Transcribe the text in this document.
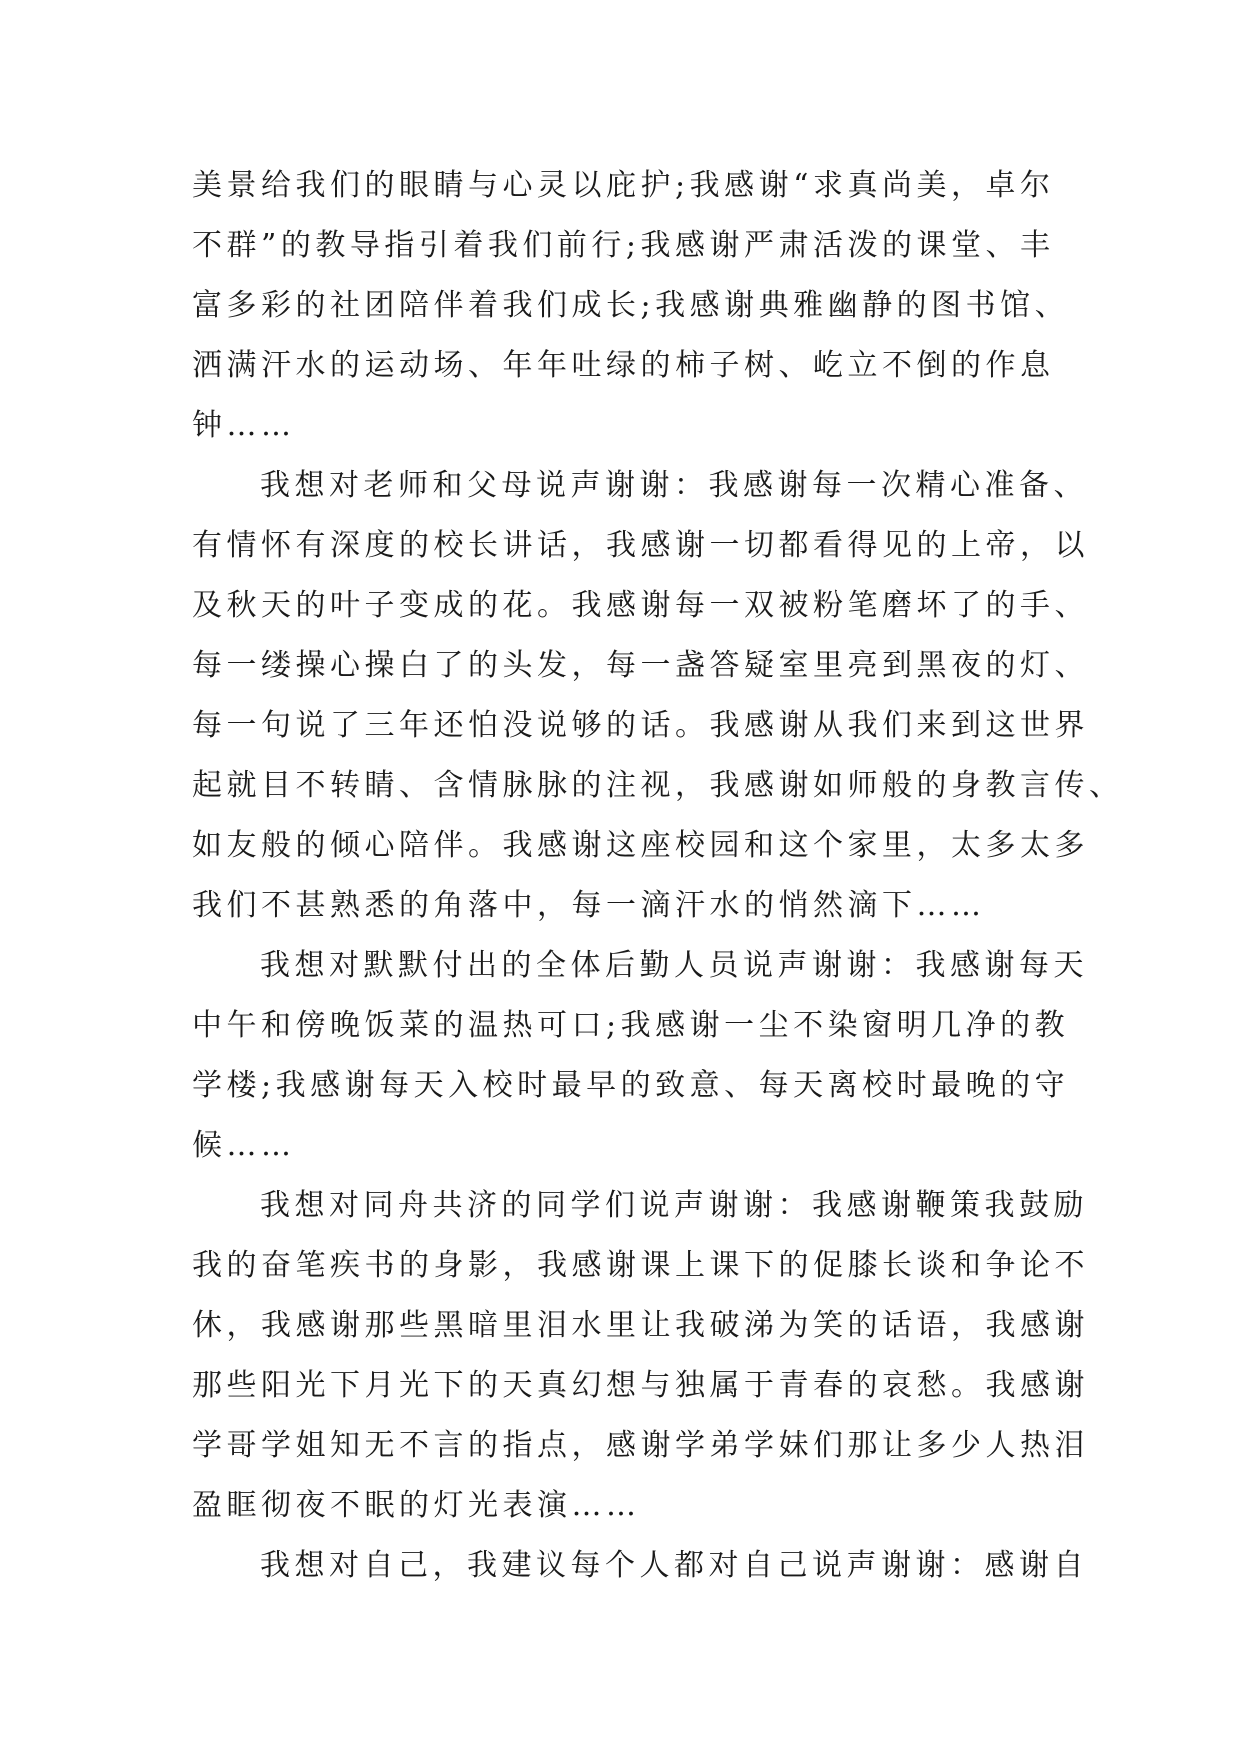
美景给我们的眼睛与心灵以庇护;我感谢“求真尚美，卓尔
不群”的教导指引着我们前行;我感谢严肃活泼的课堂、丰
富多彩的社团陪伴着我们成长;我感谢典雅幽静的图书馆、
洒满汗水的运动场、年年吐绿的柿子树、屹立不倒的作息
钟……
我想对老师和父母说声谢谢：我感谢每一次精心准备、
有情怀有深度的校长讲话，我感谢一切都看得见的上帝，以
及秋天的叶子变成的花。我感谢每一双被粉笔磨坏了的手、
每一缕操心操白了的头发，每一盏答疑室里亮到黑夜的灯、
每一句说了三年还怕没说够的话。我感谢从我们来到这世界
起就目不转睛、含情脉脉的注视，我感谢如师般的身教言传、
如友般的倾心陪伴。我感谢这座校园和这个家里，太多太多
我们不甚熟悉的角落中，每一滴汗水的悄然滴下……
我想对默默付出的全体后勤人员说声谢谢：我感谢每天
中午和傍晚饭菜的温热可口;我感谢一尘不染窗明几净的教
学楼;我感谢每天入校时最早的致意、每天离校时最晚的守
候……
我想对同舟共济的同学们说声谢谢：我感谢鞭策我鼓励
我的奋笔疾书的身影，我感谢课上课下的促膝长谈和争论不
休，我感谢那些黑暗里泪水里让我破涕为笑的话语，我感谢
那些阳光下月光下的天真幻想与独属于青春的哀愁。我感谢
学哥学姐知无不言的指点，感谢学弟学妹们那让多少人热泪
盈眶彻夜不眠的灯光表演……
我想对自己，我建议每个人都对自己说声谢谢：感谢自
